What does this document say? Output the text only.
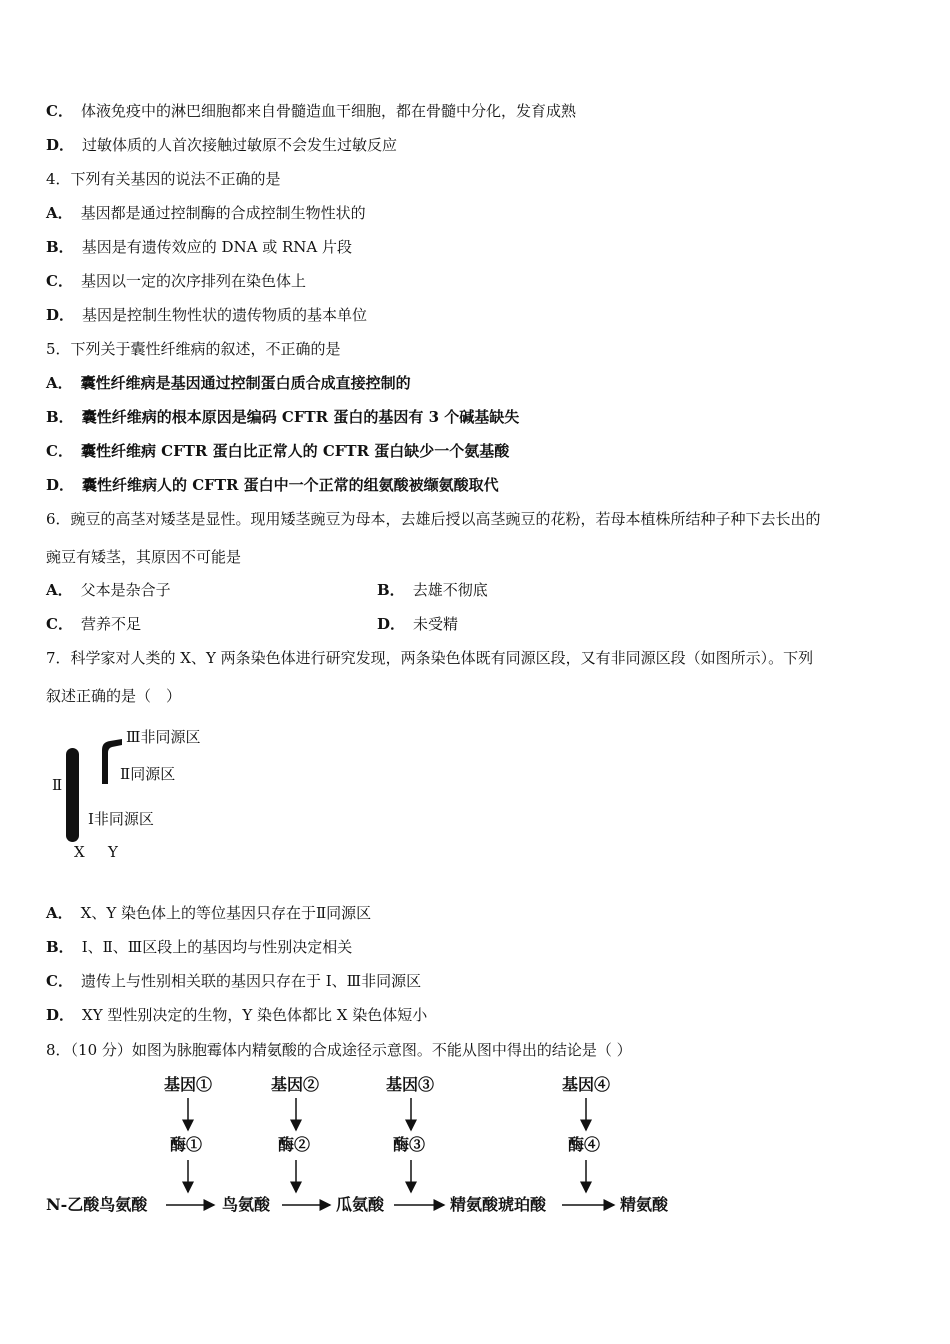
C． 体液免疫中的淋巴细胞都来自骨髓造血干细胞，都在骨髓中分化，发育成熟
D． 过敏体质的人首次接触过敏原不会发生过敏反应
4．下列有关基因的说法不正确的是
A． 基因都是通过控制酶的合成控制生物性状的
B． 基因是有遗传效应的 DNA 或 RNA 片段
C． 基因以一定的次序排列在染色体上
D． 基因是控制生物性状的遗传物质的基本单位
5．下列关于囊性纤维病的叙述，不正确的是
A． 囊性纤维病是基因通过控制蛋白质合成直接控制的
B． 囊性纤维病的根本原因是编码 CFTR 蛋白的基因有 3 个碱基缺失
C． 囊性纤维病 CFTR 蛋白比正常人的 CFTR 蛋白缺少一个氨基酸
D． 囊性纤维病人的 CFTR 蛋白中一个正常的组氨酸被缬氨酸取代
6．豌豆的高茎对矮茎是显性。现用矮茎豌豆为母本，去雄后授以高茎豌豆的花粉，若母本植株所结种子种下去长出的
豌豆有矮茎，其原因不可能是
A． 父本是杂合子	B． 去雄不彻底
C． 营养不足	D． 未受精
7．科学家对人类的 X、Y 两条染色体进行研究发现，两条染色体既有同源区段，又有非同源区段（如图所示）。下列
叙述正确的是（　）
Ⅲ非同源区
Ⅱ
Ⅱ同源区
Ⅰ非同源区
X Y
A． X、Y 染色体上的等位基因只存在于Ⅱ同源区
B． I、Ⅱ、Ⅲ区段上的基因均与性别决定相关
C． 遗传上与性别相关联的基因只存在于 I、Ⅲ非同源区
D． XY 型性别决定的生物，Y 染色体都比 X 染色体短小
8．（10 分）如图为脉胞霉体内精氨酸的合成途径示意图。不能从图中得出的结论是（ ）
基因①	基因②	基因③	基因④
酶①	酶②	酶③	酶④
N-乙酸鸟氨酸	鸟氨酸	瓜氨酸	精氨酸琥珀酸	精氨酸
